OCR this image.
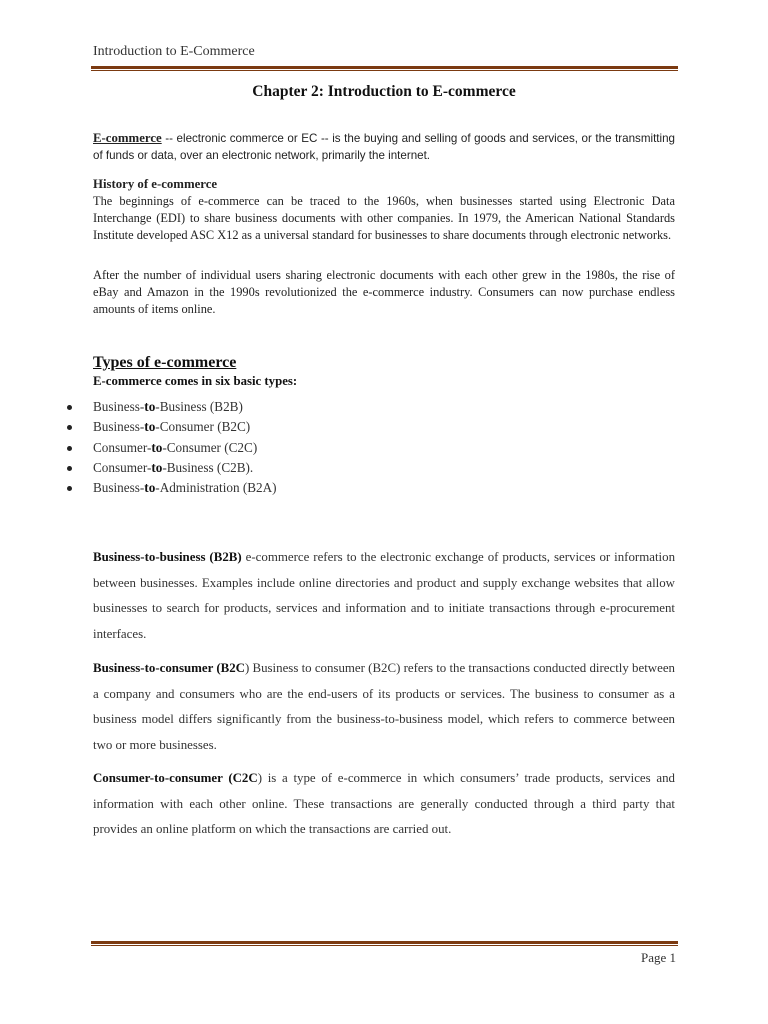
Introduction to E-Commerce
Chapter 2: Introduction to E-commerce
E-commerce -- electronic commerce or EC -- is the buying and selling of goods and services, or the transmitting of funds or data, over an electronic network, primarily the internet.
History of e-commerce
The beginnings of e-commerce can be traced to the 1960s, when businesses started using Electronic Data Interchange (EDI) to share business documents with other companies. In 1979, the American National Standards Institute developed ASC X12 as a universal standard for businesses to share documents through electronic networks.
After the number of individual users sharing electronic documents with each other grew in the 1980s, the rise of eBay and Amazon in the 1990s revolutionized the e-commerce industry. Consumers can now purchase endless amounts of items online.
Types of e-commerce
E-commerce comes in six basic types:
Business-to-Business (B2B)
Business-to-Consumer (B2C)
Consumer-to-Consumer (C2C)
Consumer-to-Business (C2B).
Business-to-Administration (B2A)
Business-to-business (B2B) e-commerce refers to the electronic exchange of products, services or information between businesses. Examples include online directories and product and supply exchange websites that allow businesses to search for products, services and information and to initiate transactions through e-procurement interfaces.
Business-to-consumer (B2C) Business to consumer (B2C) refers to the transactions conducted directly between a company and consumers who are the end-users of its products or services. The business to consumer as a business model differs significantly from the business-to-business model, which refers to commerce between two or more businesses.
Consumer-to-consumer (C2C) is a type of e-commerce in which consumers’ trade products, services and information with each other online. These transactions are generally conducted through a third party that provides an online platform on which the transactions are carried out.
Page 1
